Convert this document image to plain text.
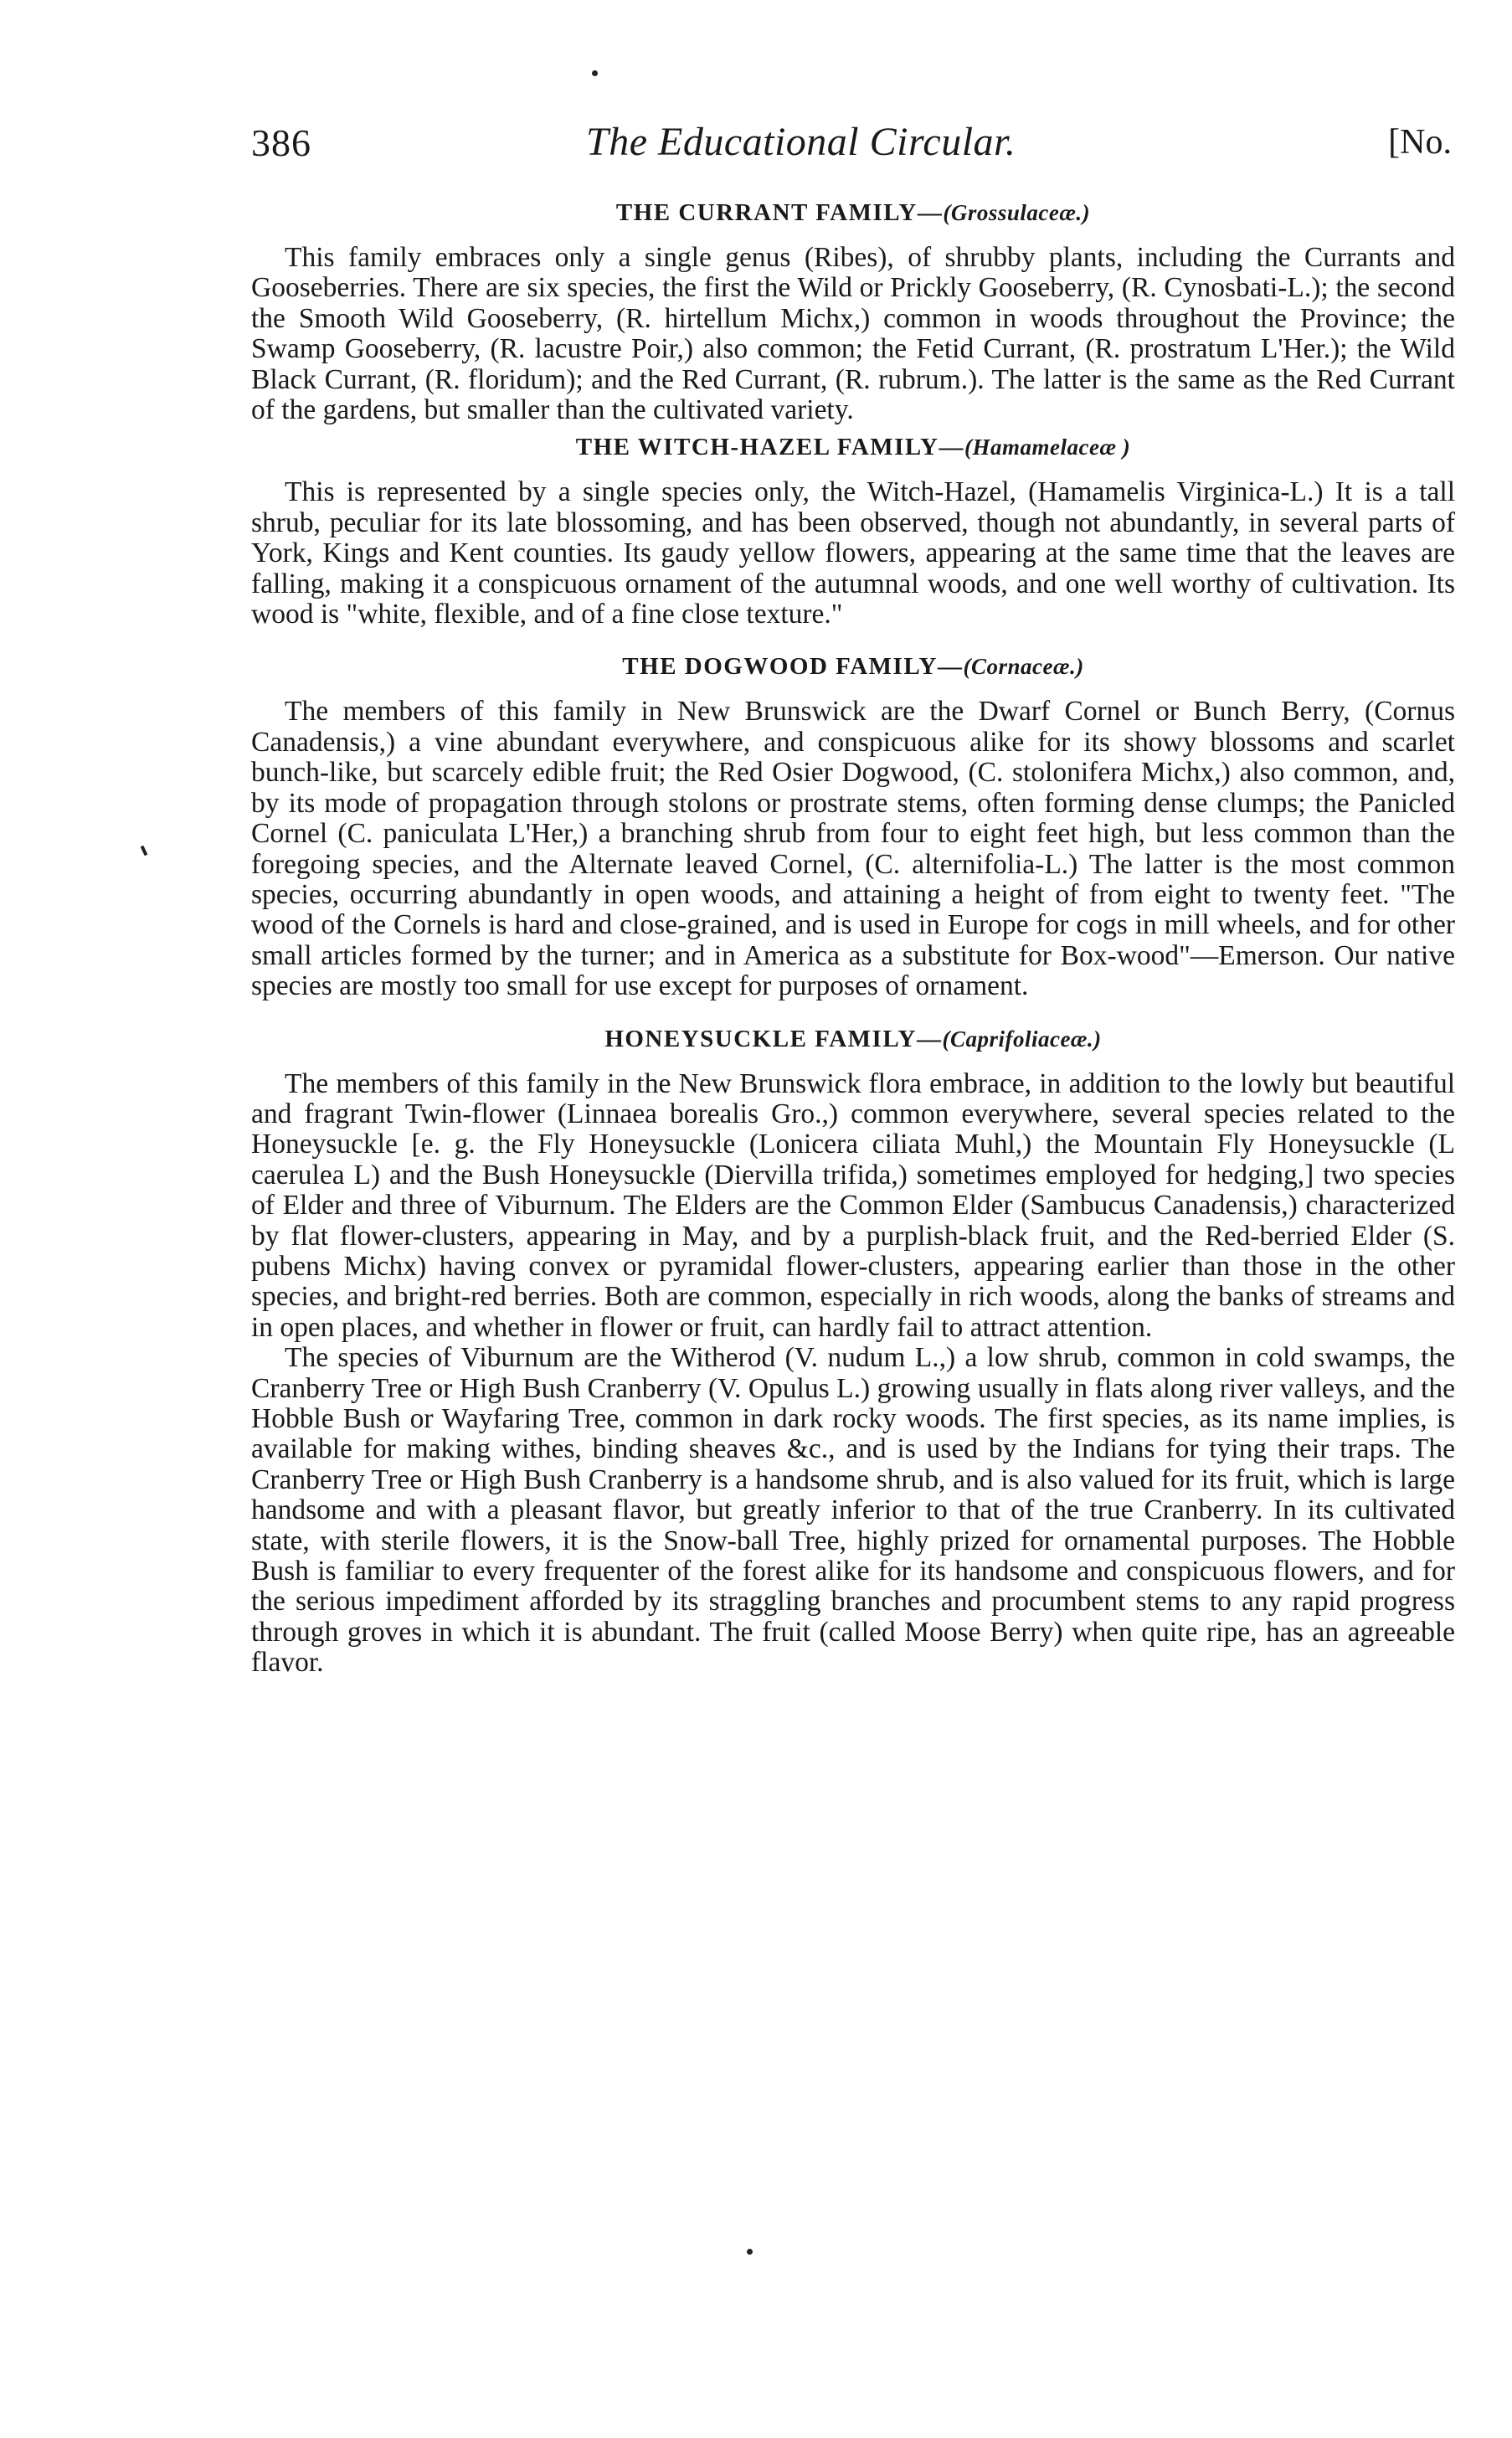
386	The Educational Circular.	[No.
THE CURRANT FAMILY—(Grossulaceæ.)

This family embraces only a single genus (Ribes), of shrubby plants, including the Currants and Gooseberries. There are six species, the first the Wild or Prickly Gooseberry, (R. Cynosbati-L.); the second the Smooth Wild Gooseberry, (R. hirtellum Michx,) common in woods throughout the Province; the Swamp Gooseberry, (R. lacustre Poir,) also common; the Fetid Currant, (R. prostratum L'Her.); the Wild Black Currant, (R. floridum); and the Red Currant, (R. rubrum.). The latter is the same as the Red Currant of the gardens, but smaller than the cultivated variety.

THE WITCH-HAZEL FAMILY—(Hamamelaceæ )

This is represented by a single species only, the Witch-Hazel, (Hamamelis Virginica-L.) It is a tall shrub, peculiar for its late blossoming, and has been observed, though not abundantly, in several parts of York, Kings and Kent counties. Its gaudy yellow flowers, appearing at the same time that the leaves are falling, making it a conspicuous ornament of the autumnal woods, and one well worthy of cultivation. Its wood is "white, flexible, and of a fine close texture."

THE DOGWOOD FAMILY—(Cornaceæ.)

The members of this family in New Brunswick are the Dwarf Cornel or Bunch Berry, (Cornus Canadensis,) a vine abundant everywhere, and conspicuous alike for its showy blossoms and scarlet bunch-like, but scarcely edible fruit; the Red Osier Dogwood, (C. stolonifera Michx,) also common, and, by its mode of propagation through stolons or prostrate stems, often forming dense clumps; the Panicled Cornel (C. paniculata L'Her,) a branching shrub from four to eight feet high, but less common than the foregoing species, and the Alternate leaved Cornel, (C. alternifolia-L.) The latter is the most common species, occurring abundantly in open woods, and attaining a height of from eight to twenty feet. "The wood of the Cornels is hard and close-grained, and is used in Europe for cogs in mill wheels, and for other small articles formed by the turner; and in America as a substitute for Box-wood"—Emerson. Our native species are mostly too small for use except for purposes of ornament.

HONEYSUCKLE FAMILY—(Caprifoliaceæ.)

The members of this family in the New Brunswick flora embrace, in addition to the lowly but beautiful and fragrant Twin-flower (Linnaea borealis Gro.,) common everywhere, several species related to the Honeysuckle [e. g. the Fly Honeysuckle (Lonicera ciliata Muhl,) the Mountain Fly Honeysuckle (L caerulea L) and the Bush Honeysuckle (Diervilla trifida,) sometimes employed for hedging,] two species of Elder and three of Viburnum. The Elders are the Common Elder (Sambucus Canadensis,) characterized by flat flower-clusters, appearing in May, and by a purplish-black fruit, and the Red-berried Elder (S. pubens Michx) having convex or pyramidal flower-clusters, appearing earlier than those in the other species, and bright-red berries. Both are common, especially in rich woods, along the banks of streams and in open places, and whether in flower or fruit, can hardly fail to attract attention.

The species of Viburnum are the Witherod (V. nudum L.,) a low shrub, common in cold swamps, the Cranberry Tree or High Bush Cranberry (V. Opulus L.) growing usually in flats along river valleys, and the Hobble Bush or Wayfaring Tree, common in dark rocky woods. The first species, as its name implies, is available for making withes, binding sheaves &c., and is used by the Indians for tying their traps. The Cranberry Tree or High Bush Cranberry is a handsome shrub, and is also valued for its fruit, which is large handsome and with a pleasant flavor, but greatly inferior to that of the true Cranberry. In its cultivated state, with sterile flowers, it is the Snow-ball Tree, highly prized for ornamental purposes. The Hobble Bush is familiar to every frequenter of the forest alike for its handsome and conspicuous flowers, and for the serious impediment afforded by its straggling branches and procumbent stems to any rapid progress through groves in which it is abundant. The fruit (called Moose Berry) when quite ripe, has an agreeable flavor.
